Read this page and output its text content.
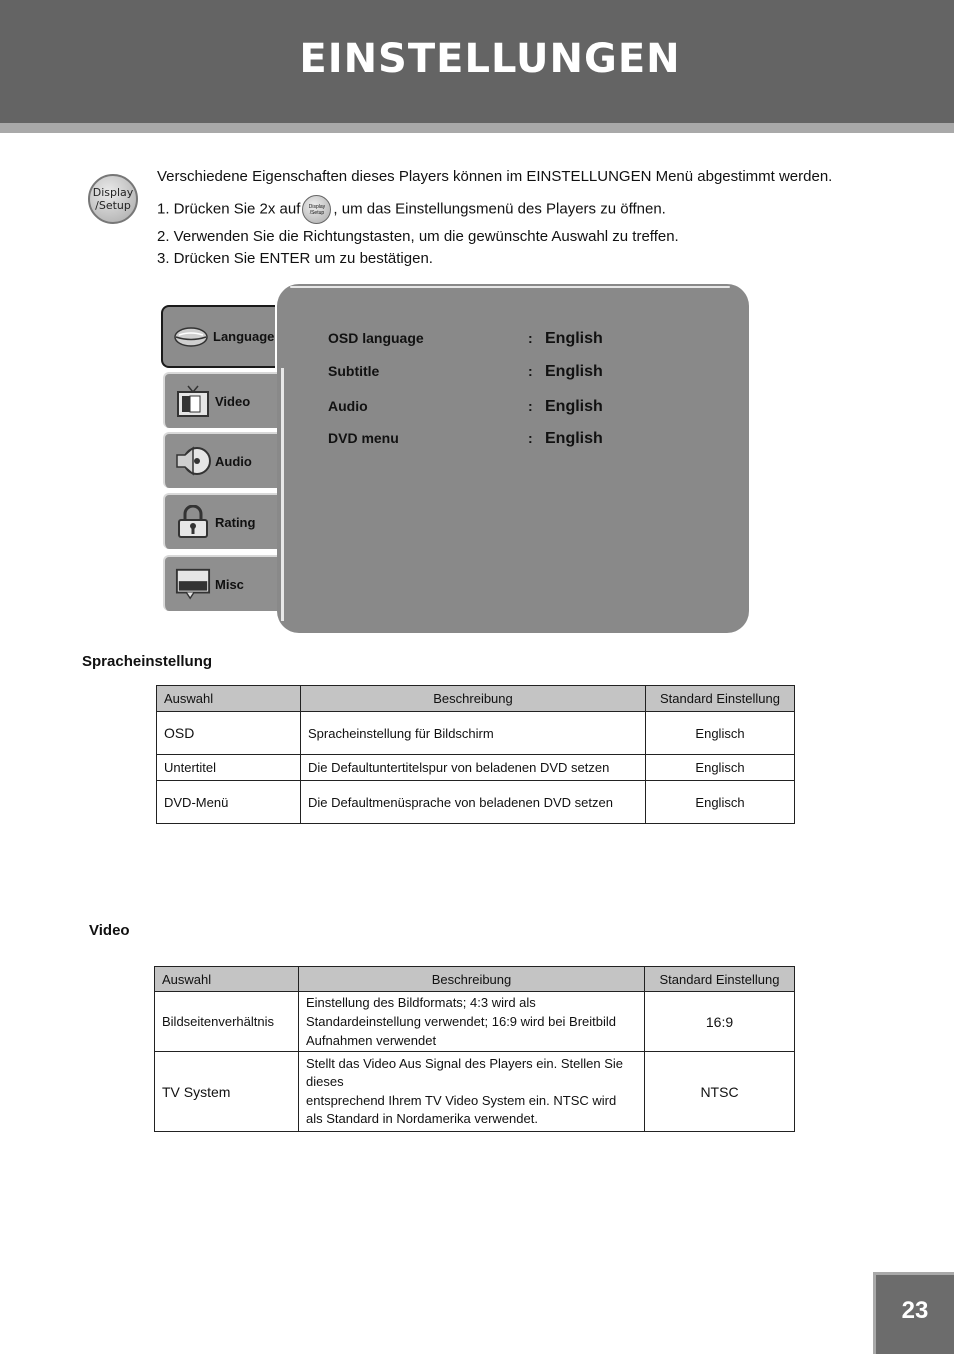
EINSTELLUNGEN
Display
/Setup

Verschiedene Eigenschaften dieses Players können im EINSTELLUNGEN Menü abgestimmt werden.

1. Drücken Sie 2x auf Display
/Setup , um das Einstellungsmenü des Players zu öffnen.

2. Verwenden Sie die Richtungstasten, um die gewünschte Auswahl zu treffen.

3. Drücken Sie ENTER um zu bestätigen.

Language
Video
Audio
Rating
Misc
OSD language	: English
Subtitle	: English
Audio	: English
DVD menu	: English
Spracheinstellung
Auswahl	Beschreibung	Standard Einstellung
OSD	Spracheinstellung für Bildschirm	Englisch
Untertitel	Die Defaultuntertitelspur von beladenen DVD setzen	Englisch
DVD-Menü	Die Defaultmenüsprache von beladenen DVD setzen	Englisch
Video
Auswahl	Beschreibung	Standard Einstellung
Bildseitenverhältnis	Einstellung des Bildformats; 4:3 wird als
Standardeinstellung verwendet; 16:9 wird bei Breitbild
Aufnahmen verwendet	16:9
TV System	Stellt das Video Aus Signal des Players ein. Stellen Sie
dieses
entsprechend Ihrem TV Video System ein. NTSC wird
als Standard in Nordamerika verwendet.	NTSC
23
